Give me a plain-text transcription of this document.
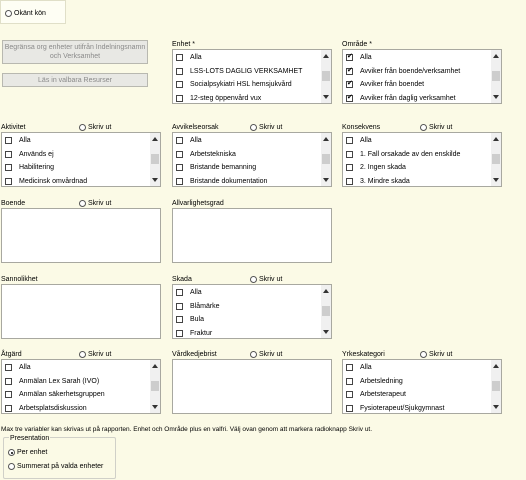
Okänt kön
Begränsa org enheter utifrån Indelningsnamn och Verksamhet
Läs in valbara Resurser
Enhet *
Alla
LSS-LOTS DAGLIG VERKSAMHET
Socialpsykiatri HSL hemsjukvård
12-steg öppenvård vux
Område *
✔
Alla
✔
Avviker från boende/verksamhet
✔
Avviker från boendet
✔
Avviker från daglig verksamhet
Aktivitet	Skriv ut
Alla
Används ej
Habilitering
Medicinsk omvårdnad
Avvikelseorsak	Skriv ut
Alla
Arbetstekniska
Bristande bemanning
Bristande dokumentation
Konsekvens	Skriv ut
Alla
1. Fall orsakade av den enskilde
2. Ingen skada
3. Mindre skada
Boende	Skriv ut	Allvarlighetsgrad
Sannolikhet	Skada	Skriv ut
Alla
Blåmärke
Bula
Fraktur
Åtgärd	Skriv ut
Alla
Anmälan Lex Sarah (IVO)
Anmälan säkerhetsgruppen
Arbetsplatsdiskussion
Vårdkedjebrist	Skriv ut	Yrkeskategori	Skriv ut
Alla
Arbetsledning
Arbetsterapeut
Fysioterapeut/Sjukgymnast
Max tre variabler kan skrivas ut på rapporten. Enhet och Område plus en valfri. Välj ovan genom att markera radioknapp Skriv ut.
Presentation
Per enhet
Summerat på valda enheter
